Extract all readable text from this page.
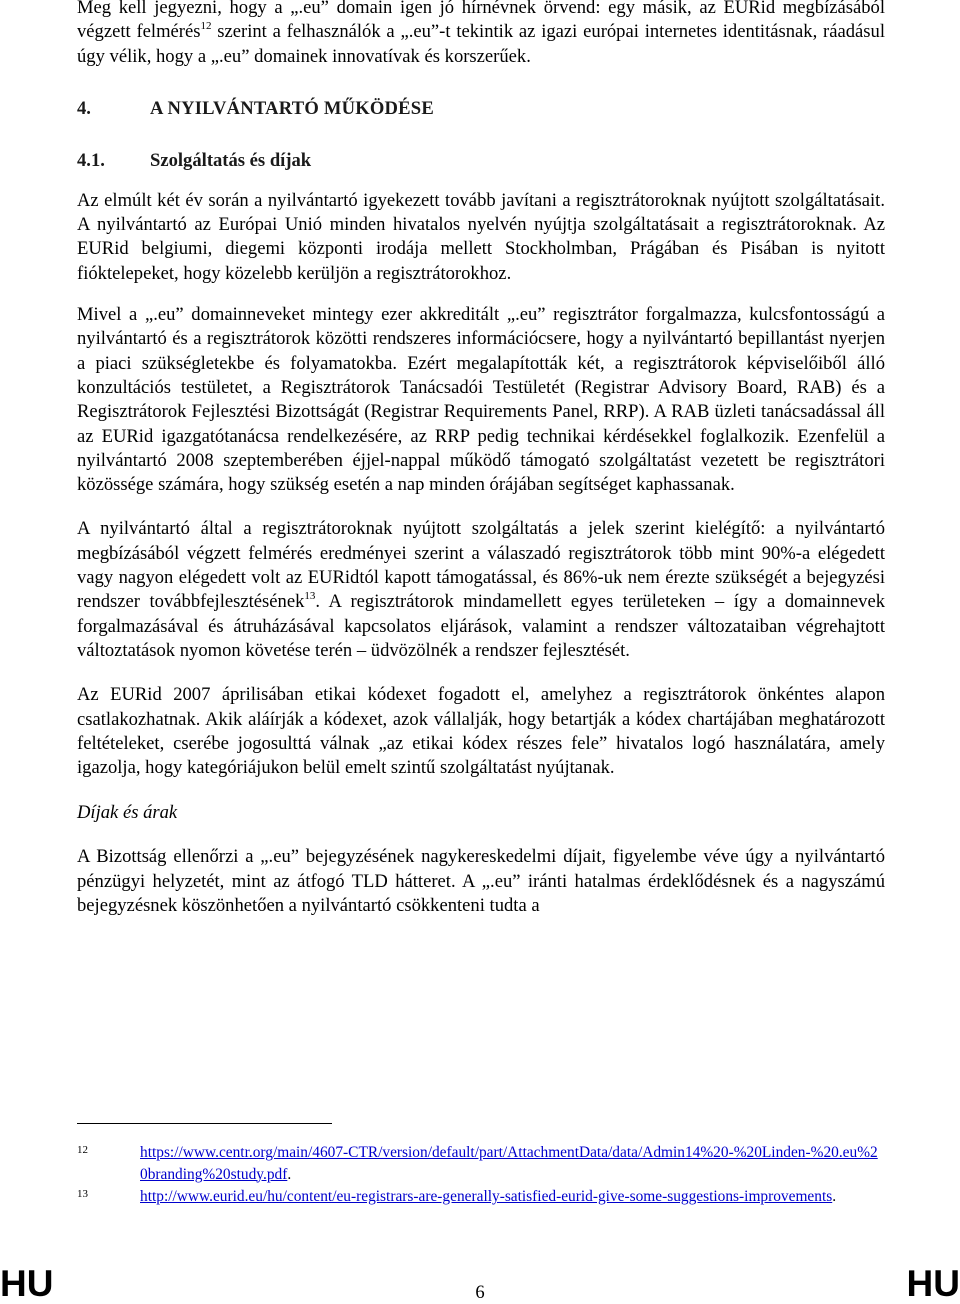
Meg kell jegyezni, hogy a „.eu” domain igen jó hírnévnek örvend: egy másik, az EURid megbízásából végzett felmérés$^{12}$ szerint a felhasználók a „.eu”-t tekintik az igazi európai internetes identitásnak, ráadásul úgy vélik, hogy a „.eu” domainek innovatívak és korszerűek.

4.	A NYILVÁNTARTÓ MŰKÖDÉSE
4.1.	Szolgáltatás és díjak

Az elmúlt két év során a nyilvántartó igyekezett tovább javítani a regisztrátoroknak nyújtott szolgáltatásait. A nyilvántartó az Európai Unió minden hivatalos nyelvén nyújtja szolgáltatásait a regisztrátoroknak. Az EURid belgiumi, diegemi központi irodája mellett Stockholmban, Prágában és Pisában is nyitott fióktelepeket, hogy közelebb kerüljön a regisztrátorokhoz.

Mivel a „.eu” domainneveket mintegy ezer akkreditált „.eu” regisztrátor forgalmazza, kulcsfontosságú a nyilvántartó és a regisztrátorok közötti rendszeres információcsere, hogy a nyilvántartó bepillantást nyerjen a piaci szükségletekbe és folyamatokba. Ezért megalapították két, a regisztrátorok képviselőiből álló konzultációs testületet, a Regisztrátorok Tanácsadói Testületét (Registrar Advisory Board, RAB) és a Regisztrátorok Fejlesztési Bizottságát (Registrar Requirements Panel, RRP). A RAB üzleti tanácsadással áll az EURid igazgatótanácsa rendelkezésére, az RRP pedig technikai kérdésekkel foglalkozik. Ezenfelül a nyilvántartó 2008 szeptemberében éjjel-nappal működő támogató szolgáltatást vezetett be regisztrátori közössége számára, hogy szükség esetén a nap minden órájában segítséget kaphassanak.

A nyilvántartó által a regisztrátoroknak nyújtott szolgáltatás a jelek szerint kielégítő: a nyilvántartó megbízásából végzett felmérés eredményei szerint a válaszadó regisztrátorok több mint 90%-a elégedett vagy nagyon elégedett volt az EURidtól kapott támogatással, és 86%-uk nem érezte szükségét a bejegyzési rendszer továbbfejlesztésének$^{13}$. A regisztrátorok mindamellett egyes területeken – így a domainnevek forgalmazásával és átruházásával kapcsolatos eljárások, valamint a rendszer változataiban végrehajtott változtatások nyomon követése terén – üdvözölnék a rendszer fejlesztését.

Az EURid 2007 áprilisában etikai kódexet fogadott el, amelyhez a regisztrátorok önkéntes alapon csatlakozhatnak. Akik aláírják a kódexet, azok vállalják, hogy betartják a kódex chartájában meghatározott feltételeket, cserébe jogosulttá válnak „az etikai kódex részes fele” hivatalos logó használatára, amely igazolja, hogy kategóriájukon belül emelt szintű szolgáltatást nyújtanak.

Díjak és árak

A Bizottság ellenőrzi a „.eu” bejegyzésének nagykereskedelmi díjait, figyelembe véve úgy a nyilvántartó pénzügyi helyzetét, mint az átfogó TLD hátteret. A „.eu” iránti hatalmas érdeklődésnek és a nagyszámú bejegyzésnek köszönhetően a nyilvántartó csökkenteni tudta a

12	https://www.centr.org/main/4607-CTR/version/default/part/AttachmentData/data/Admin14%20-%20Linden-%20.eu%20branding%20study.pdf.
13	http://www.eurid.eu/hu/content/eu-registrars-are-generally-satisfied-eurid-give-some-suggestions-improvements.
HU	6	HU
